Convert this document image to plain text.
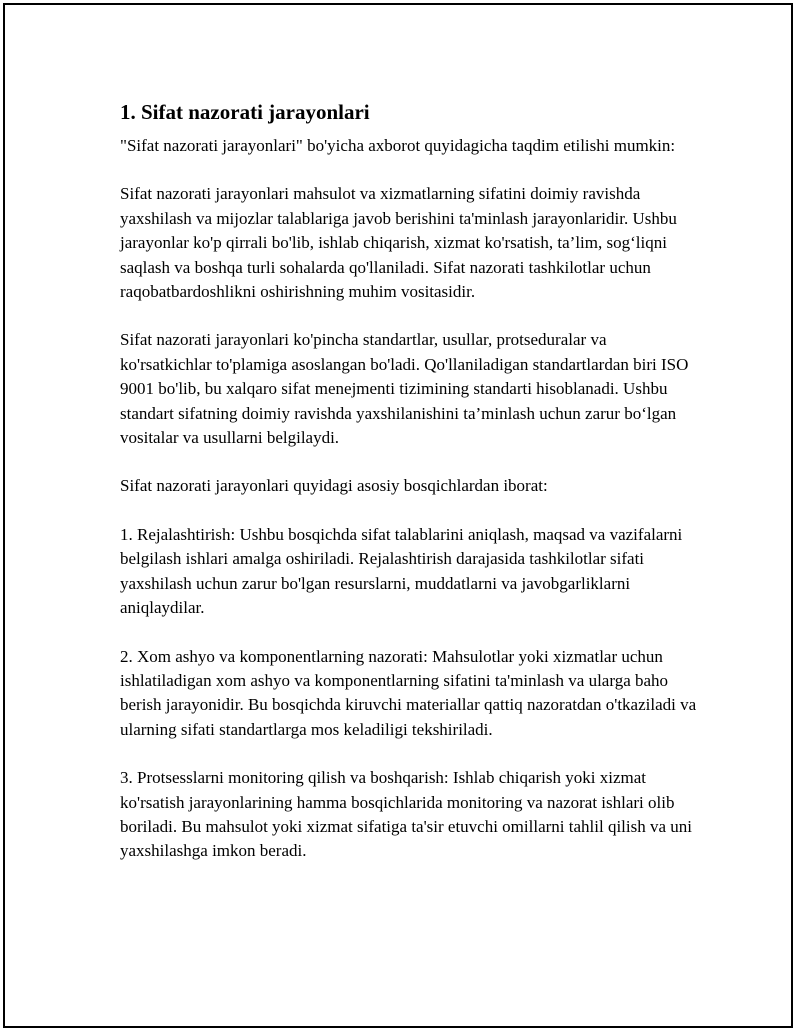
1. Sifat nazorati jarayonlari

"Sifat nazorati jarayonlari" bo'yicha axborot quyidagicha taqdim etilishi mumkin:

Sifat nazorati jarayonlari mahsulot va xizmatlarning sifatini doimiy ravishda yaxshilash va mijozlar talablariga javob berishini ta'minlash jarayonlaridir. Ushbu jarayonlar ko'p qirrali bo'lib, ishlab chiqarish, xizmat ko'rsatish, ta’lim, sog‘liqni saqlash va boshqa turli sohalarda qo'llaniladi. Sifat nazorati tashkilotlar uchun raqobatbardoshlikni oshirishning muhim vositasidir.

Sifat nazorati jarayonlari ko'pincha standartlar, usullar, protseduralar va ko'rsatkichlar to'plamiga asoslangan bo'ladi. Qo'llaniladigan standartlardan biri ISO 9001 bo'lib, bu xalqaro sifat menejmenti tizimining standarti hisoblanadi. Ushbu standart sifatning doimiy ravishda yaxshilanishini ta’minlash uchun zarur bo‘lgan vositalar va usullarni belgilaydi.

Sifat nazorati jarayonlari quyidagi asosiy bosqichlardan iborat:

1. Rejalashtirish: Ushbu bosqichda sifat talablarini aniqlash, maqsad va vazifalarni belgilash ishlari amalga oshiriladi. Rejalashtirish darajasida tashkilotlar sifati yaxshilash uchun zarur bo'lgan resurslarni, muddatlarni va javobgarliklarni aniqlaydilar.

2. Xom ashyo va komponentlarning nazorati: Mahsulotlar yoki xizmatlar uchun ishlatiladigan xom ashyo va komponentlarning sifatini ta'minlash va ularga baho berish jarayonidir. Bu bosqichda kiruvchi materiallar qattiq nazoratdan o'tkaziladi va ularning sifati standartlarga mos keladiligi tekshiriladi.

3. Protsesslarni monitoring qilish va boshqarish: Ishlab chiqarish yoki xizmat ko'rsatish jarayonlarining hamma bosqichlarida monitoring va nazorat ishlari olib boriladi. Bu mahsulot yoki xizmat sifatiga ta'sir etuvchi omillarni tahlil qilish va uni yaxshilashga imkon beradi.
